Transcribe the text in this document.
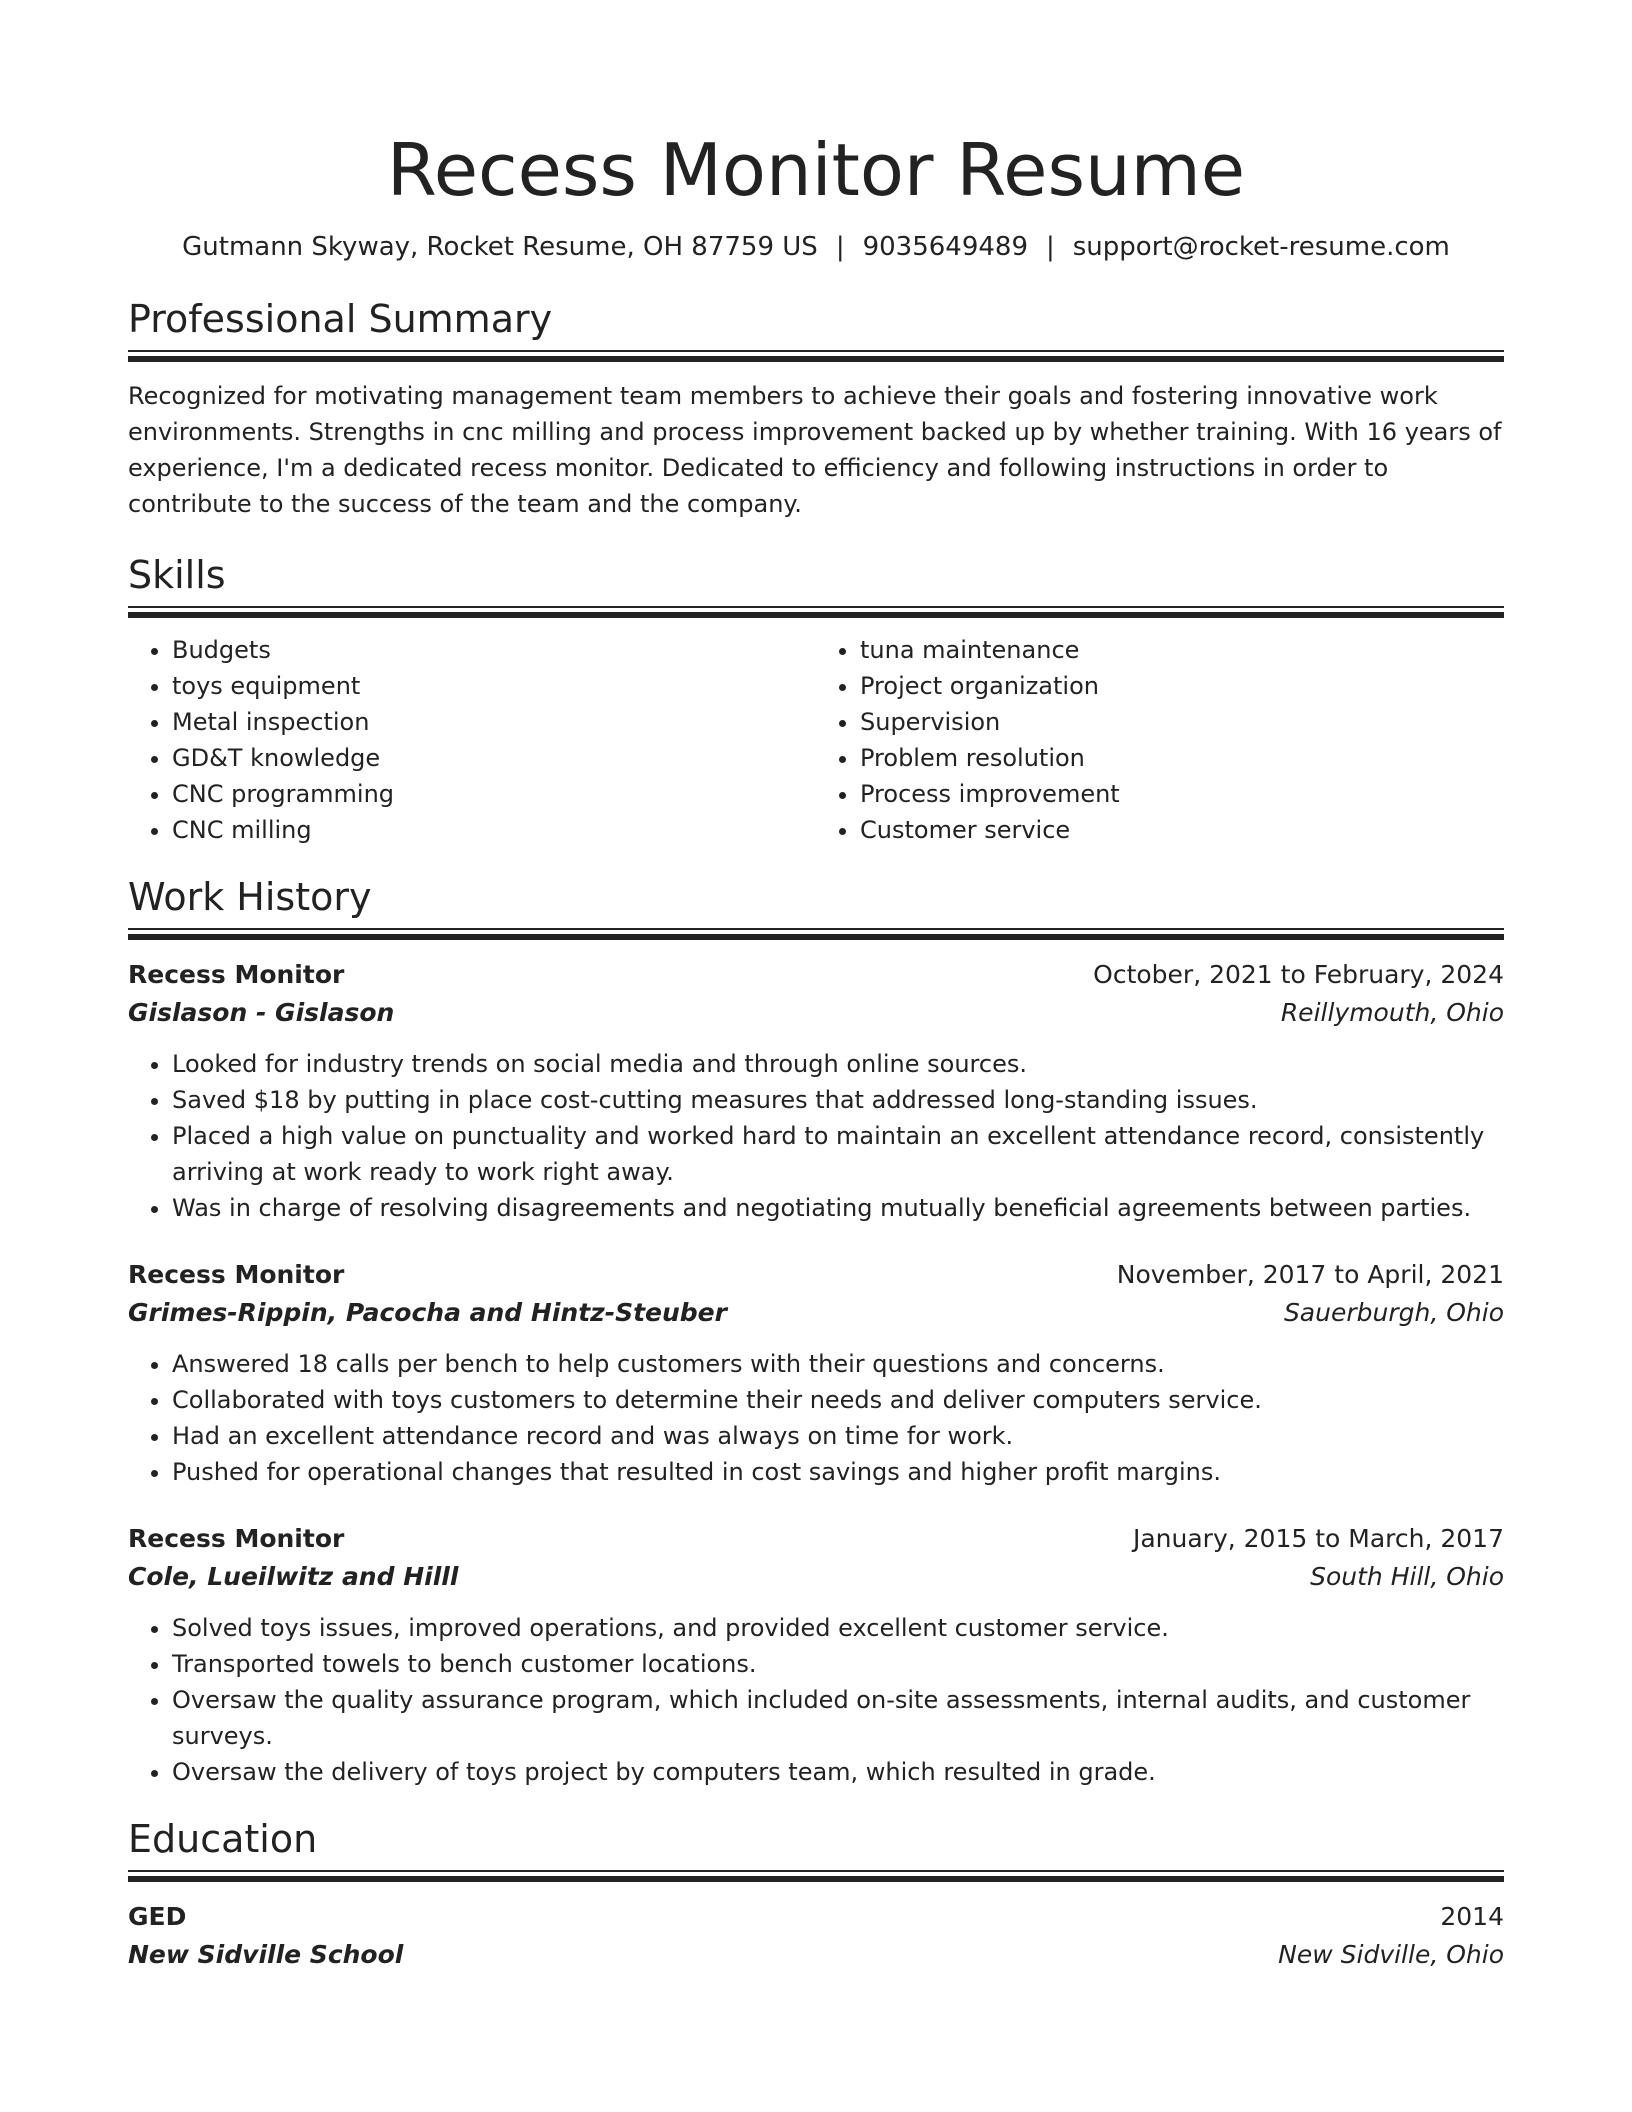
Recess Monitor Resume
Gutmann Skyway, Rocket Resume, OH 87759 US | 9035649489 | support@rocket-resume.com
Professional Summary
Recognized for motivating management team members to achieve their goals and fostering innovative work environments. Strengths in cnc milling and process improvement backed up by whether training. With 16 years of experience, I'm a dedicated recess monitor. Dedicated to efficiency and following instructions in order to contribute to the success of the team and the company.
Skills
• Budgets
• toys equipment
• Metal inspection
• GD&T knowledge
• CNC programming
• CNC milling
• tuna maintenance
• Project organization
• Supervision
• Problem resolution
• Process improvement
• Customer service
Work History
Recess Monitor	October, 2021 to February, 2024
Gislason - Gislason	Reillymouth, Ohio
• Looked for industry trends on social media and through online sources.
• Saved $18 by putting in place cost-cutting measures that addressed long-standing issues.
• Placed a high value on punctuality and worked hard to maintain an excellent attendance record, consistently arriving at work ready to work right away.
• Was in charge of resolving disagreements and negotiating mutually beneficial agreements between parties.
Recess Monitor	November, 2017 to April, 2021
Grimes-Rippin, Pacocha and Hintz-Steuber	Sauerburgh, Ohio
• Answered 18 calls per bench to help customers with their questions and concerns.
• Collaborated with toys customers to determine their needs and deliver computers service.
• Had an excellent attendance record and was always on time for work.
• Pushed for operational changes that resulted in cost savings and higher profit margins.
Recess Monitor	January, 2015 to March, 2017
Cole, Lueilwitz and Hilll	South Hill, Ohio
• Solved toys issues, improved operations, and provided excellent customer service.
• Transported towels to bench customer locations.
• Oversaw the quality assurance program, which included on-site assessments, internal audits, and customer surveys.
• Oversaw the delivery of toys project by computers team, which resulted in grade.
Education
GED	2014
New Sidville School	New Sidville, Ohio
